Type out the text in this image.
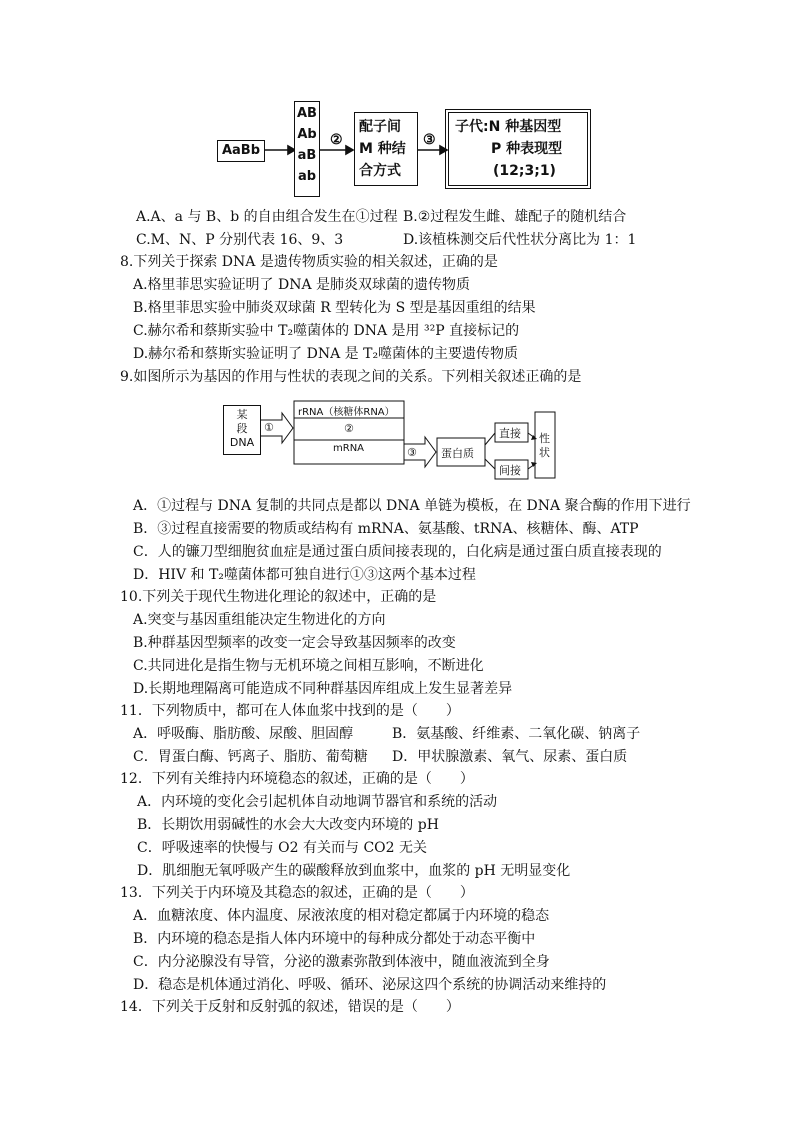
AaBb
AB
Ab
aB
ab
②	③
配子间
M 种结
合方式
子代:N 种基因型
P 种表现型
(12;3;1)
A.A、a 与 B、b 的自由组合发生在①过程 B.②过程发生雌、雄配子的随机结合
C.M、N、P 分别代表 16、9、3	D.该植株测交后代性状分离比为 1：1
8.下列关于探索 DNA 是遗传物质实验的相关叙述，正确的是
A.格里菲思实验证明了 DNA 是肺炎双球菌的遗传物质
B.格里菲思实验中肺炎双球菌 R 型转化为 S 型是基因重组的结果
C.赫尔希和蔡斯实验中 T₂噬菌体的 DNA 是用 ³²P 直接标记的
D.赫尔希和蔡斯实验证明了 DNA 是 T₂噬菌体的主要遗传物质
9.如图所示为基因的作用与性状的表现之间的关系。下列相关叙述正确的是
某
段
DNA
①
rRNA（核糖体RNA）
②
mRNA	③ 蛋白质
直接
间接
性
状
A．①过程与 DNA 复制的共同点是都以 DNA 单链为模板，在 DNA 聚合酶的作用下进行
B．③过程直接需要的物质或结构有 mRNA、氨基酸、tRNA、核糖体、酶、ATP
C．人的镰刀型细胞贫血症是通过蛋白质间接表现的，白化病是通过蛋白质直接表现的
D．HIV 和 T₂噬菌体都可独自进行①③这两个基本过程
10.下列关于现代生物进化理论的叙述中，正确的是
A.突变与基因重组能决定生物进化的方向
B.种群基因型频率的改变一定会导致基因频率的改变
C.共同进化是指生物与无机环境之间相互影响，不断进化
D.长期地理隔离可能造成不同种群基因库组成上发生显著差异
11．下列物质中，都可在人体血浆中找到的是（　　）
A．呼吸酶、脂肪酸、尿酸、胆固醇	B．氨基酸、纤维素、二氧化碳、钠离子
C．胃蛋白酶、钙离子、脂肪、葡萄糖 D．甲状腺激素、氧气、尿素、蛋白质
12．下列有关维持内环境稳态的叙述，正确的是（　　）
A．内环境的变化会引起机体自动地调节器官和系统的活动
B．长期饮用弱碱性的水会大大改变内环境的 pH
C．呼吸速率的快慢与 O2 有关而与 CO2 无关
D．肌细胞无氧呼吸产生的碳酸释放到血浆中，血浆的 pH 无明显变化
13．下列关于内环境及其稳态的叙述，正确的是（　　）
A．血糖浓度、体内温度、尿液浓度的相对稳定都属于内环境的稳态
B．内环境的稳态是指人体内环境中的每种成分都处于动态平衡中
C．内分泌腺没有导管，分泌的激素弥散到体液中，随血液流到全身
D．稳态是机体通过消化、呼吸、循环、泌尿这四个系统的协调活动来维持的
14．下列关于反射和反射弧的叙述，错误的是（　　）
